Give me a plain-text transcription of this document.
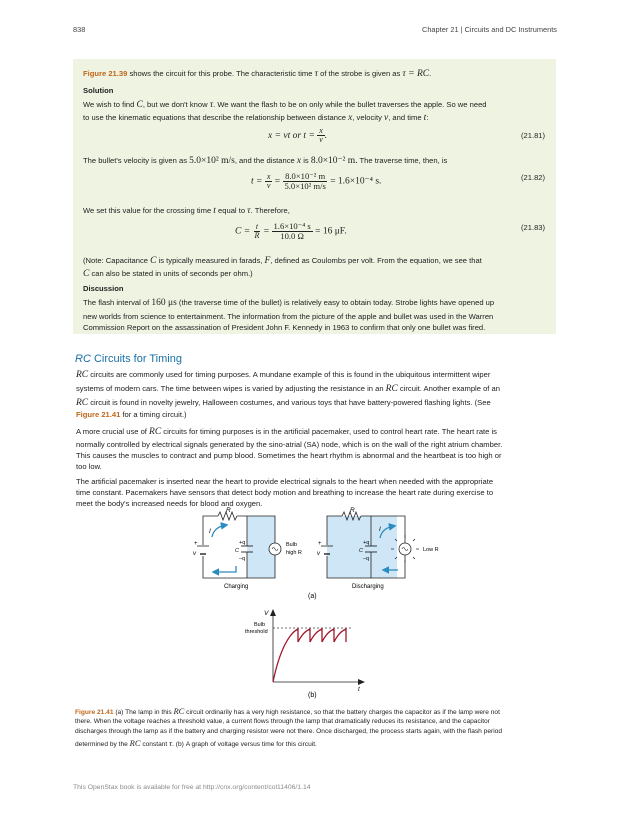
838	Chapter 21 | Circuits and DC Instruments
Figure 21.39 shows the circuit for this probe. The characteristic time τ of the strobe is given as τ = RC.
Solution
We wish to find C, but we don't know τ. We want the flash to be on only while the bullet traverses the apple. So we need
to use the kinematic equations that describe the relationship between distance x, velocity v, and time t:
x = vt or $t = \frac{x}{v}$ .	(21.81)
The bullet's velocity is given as 5.0×10² m/s, and the distance x is 8.0×10⁻² m. The traverse time, then, is
$t = \frac{x}{v} = \frac{\text{8.0×10⁻² m}}{\text{5.0×10² m/s}} = 1.6\times 10^{-4}$ s.	(21.82)
We set this value for the crossing time t equal to τ. Therefore,
$C = \frac{t}{R} = \frac{\text{1.6×10⁻⁴ s}}{10.0 \Omega} = 16$ μF.	(21.83)
(Note: Capacitance C is typically measured in farads, F, defined as Coulombs per volt. From the equation, we see that
C can also be stated in units of seconds per ohm.)
Discussion
The flash interval of 160 μs (the traverse time of the bullet) is relatively easy to obtain today. Strobe lights have opened up
new worlds from science to entertainment. The information from the picture of the apple and bullet was used in the Warren
Commission Report on the assassination of President John F. Kennedy in 1963 to confirm that only one bullet was fired.
RC Circuits for Timing
RC circuits are commonly used for timing purposes. A mundane example of this is found in the ubiquitous intermittent wiper
systems of modern cars. The time between wipes is varied by adjusting the resistance in an RC circuit. Another example of an
RC circuit is found in novelty jewelry, Halloween costumes, and various toys that have battery-powered flashing lights. (See
Figure 21.41 for a timing circuit.)
A more crucial use of RC circuits for timing purposes is in the artificial pacemaker, used to control heart rate. The heart rate is
normally controlled by electrical signals generated by the sino-atrial (SA) node, which is on the wall of the right atrium chamber.
This causes the muscles to contract and pump blood. Sometimes the heart rhythm is abnormal and the heartbeat is too high or
too low.
The artificial pacemaker is inserted near the heart to provide electrical signals to the heart when needed with the appropriate
time constant. Pacemakers have sensors that detect body motion and breathing to increase the heart rate during exercise to
meet the body's increased needs for blood and oxygen.
R
I
+
v
+q
C
–q
Bulb
high R
Charging
R
I
+
v
+q
C
–q
Low R
Discharging
(a)
V
t
Bulb
threshold
(b)
Figure 21.41 (a) The lamp in this RC circuit ordinarily has a very high resistance, so that the battery charges the capacitor as if the lamp were not
there. When the voltage reaches a threshold value, a current flows through the lamp that dramatically reduces its resistance, and the capacitor
discharges through the lamp as if the battery and charging resistor were not there. Once discharged, the process starts again, with the flash period
determined by the RC constant τ. (b) A graph of voltage versus time for this circuit.
This OpenStax book is available for free at http://cnx.org/content/col11406/1.14
